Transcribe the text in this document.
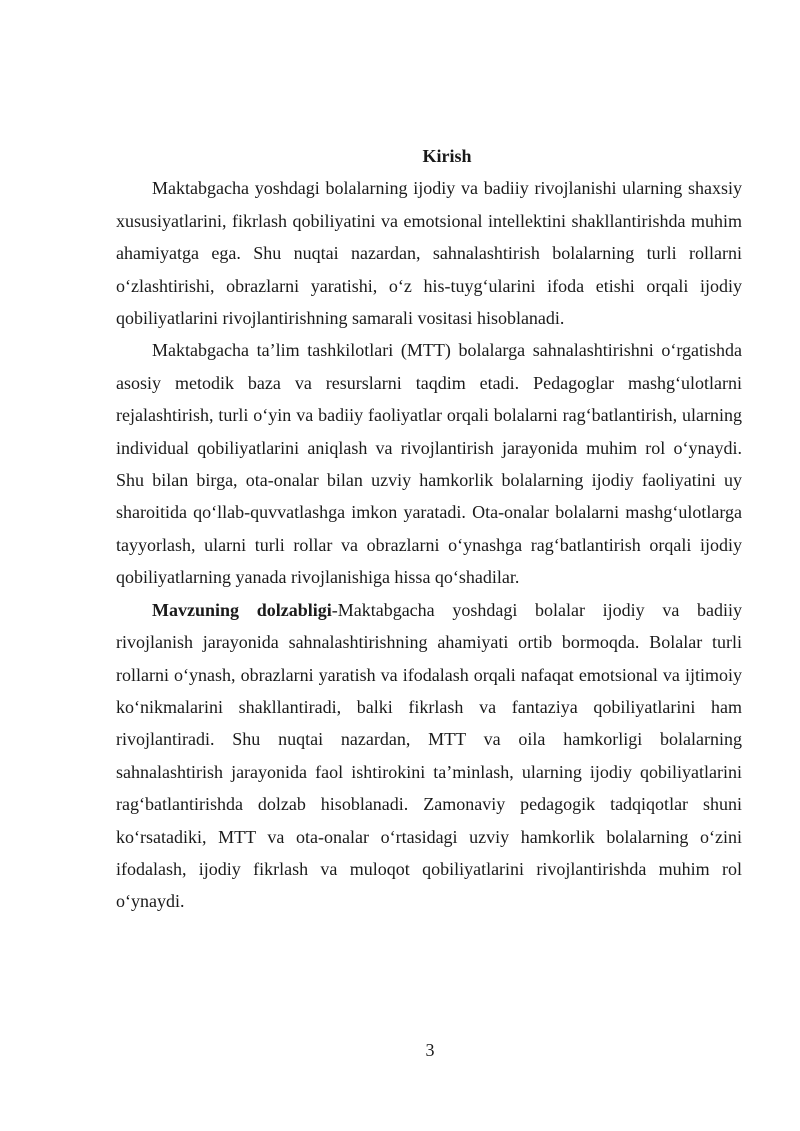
Kirish

Maktabgacha yoshdagi bolalarning ijodiy va badiiy rivojlanishi ularning shaxsiy xususiyatlarini, fikrlash qobiliyatini va emotsional intellektini shakllantirishda muhim ahamiyatga ega. Shu nuqtai nazardan, sahnalashtirish bolalarning turli rollarni o‘zlashtirishi, obrazlarni yaratishi, o‘z his-tuyg‘ularini ifoda etishi orqali ijodiy qobiliyatlarini rivojlantirishning samarali vositasi hisoblanadi.

Maktabgacha ta’lim tashkilotlari (MTT) bolalarga sahnalashtirishni o‘rgatishda asosiy metodik baza va resurslarni taqdim etadi. Pedagoglar mashg‘ulotlarni rejalashtirish, turli o‘yin va badiiy faoliyatlar orqali bolalarni rag‘batlantirish, ularning individual qobiliyatlarini aniqlash va rivojlantirish jarayonida muhim rol o‘ynaydi. Shu bilan birga, ota-onalar bilan uzviy hamkorlik bolalarning ijodiy faoliyatini uy sharoitida qo‘llab-quvvatlashga imkon yaratadi. Ota-onalar bolalarni mashg‘ulotlarga tayyorlash, ularni turli rollar va obrazlarni o‘ynashga rag‘batlantirish orqali ijodiy qobiliyatlarning yanada rivojlanishiga hissa qo‘shadilar.

Mavzuning dolzabligi-Maktabgacha yoshdagi bolalar ijodiy va badiiy rivojlanish jarayonida sahnalashtirishning ahamiyati ortib bormoqda. Bolalar turli rollarni o‘ynash, obrazlarni yaratish va ifodalash orqali nafaqat emotsional va ijtimoiy ko‘nikmalarini shakllantiradi, balki fikrlash va fantaziya qobiliyatlarini ham rivojlantiradi. Shu nuqtai nazardan, MTT va oila hamkorligi bolalarning sahnalashtirish jarayonida faol ishtirokini ta’minlash, ularning ijodiy qobiliyatlarini rag‘batlantirishda dolzab hisoblanadi. Zamonaviy pedagogik tadqiqotlar shuni ko‘rsatadiki, MTT va ota-onalar o‘rtasidagi uzviy hamkorlik bolalarning o‘zini ifodalash, ijodiy fikrlash va muloqot qobiliyatlarini rivojlantirishda muhim rol o‘ynaydi.

3
